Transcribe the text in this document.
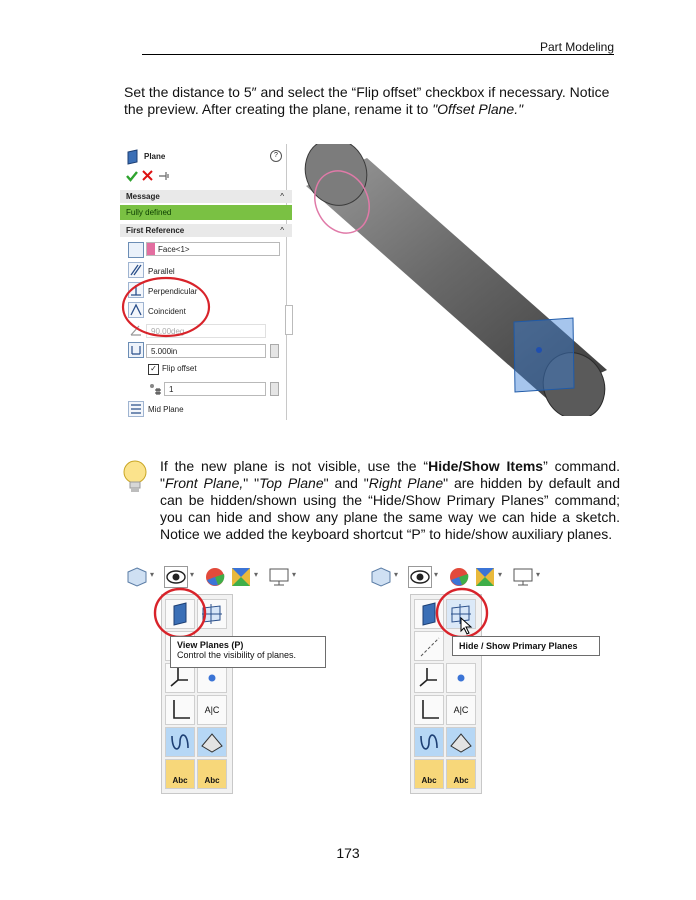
Part Modeling
Set the distance to 5″ and select the “Flip offset” checkbox if necessary. Notice the preview. After creating the plane, rename it to "Offset Plane."
Plane	?
Message	^
Fully defined
First Reference	^
Face<1>
Parallel
Perpendicular
Coincident
90.00deg
5.000in
✓ Flip offset
1
Mid Plane
If the new plane is not visible, use the “Hide/Show Items” command. "Front Plane," "Top Plane" and "Right Plane" are hidden by default and can be hidden/shown using the “Hide/Show Primary Planes” command; you can hide and show any plane the same way we can hide a sketch. Notice we added the keyboard shortcut “P” to hide/show auxiliary planes.
▾	▾	▾	▾
A|C
Abc	Abc
View Planes (P)
Control the visibility of planes.
▾	▾	▾	▾
A|C
Abc	Abc
Hide / Show Primary Planes
173
